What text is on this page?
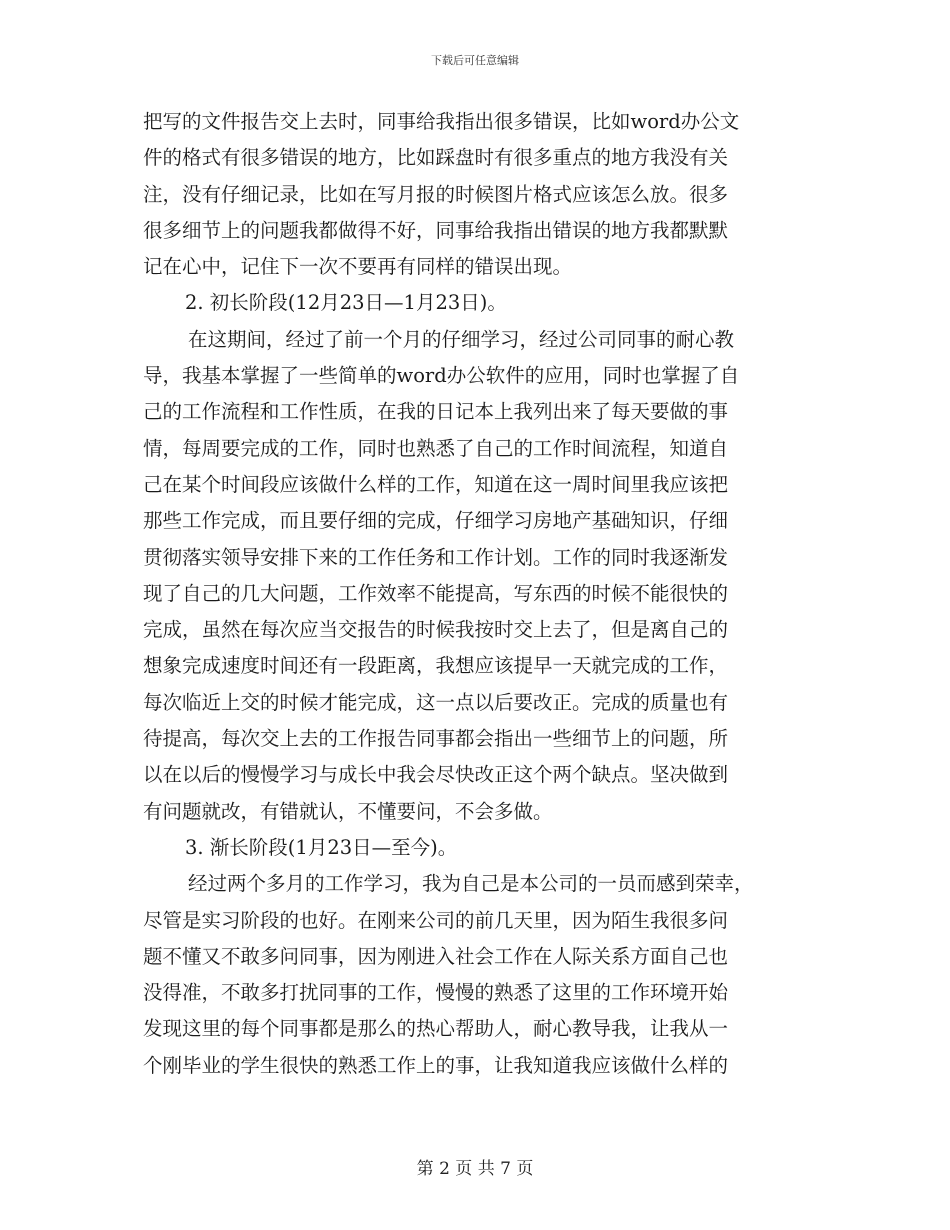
下载后可任意编辑
把写的文件报告交上去时，同事给我指出很多错误，比如word办公文
件的格式有很多错误的地方，比如踩盘时有很多重点的地方我没有关
注，没有仔细记录，比如在写月报的时候图片格式应该怎么放。很多
很多细节上的问题我都做得不好，同事给我指出错误的地方我都默默
记在心中，记住下一次不要再有同样的错误出现。
2. 初长阶段(12月23日—1月23日)。
在这期间，经过了前一个月的仔细学习，经过公司同事的耐心教
导，我基本掌握了一些简单的word办公软件的应用，同时也掌握了自
己的工作流程和工作性质，在我的日记本上我列出来了每天要做的事
情，每周要完成的工作，同时也熟悉了自己的工作时间流程，知道自
己在某个时间段应该做什么样的工作，知道在这一周时间里我应该把
那些工作完成，而且要仔细的完成，仔细学习房地产基础知识，仔细
贯彻落实领导安排下来的工作任务和工作计划。工作的同时我逐渐发
现了自己的几大问题，工作效率不能提高，写东西的时候不能很快的
完成，虽然在每次应当交报告的时候我按时交上去了，但是离自己的
想象完成速度时间还有一段距离，我想应该提早一天就完成的工作，
每次临近上交的时候才能完成，这一点以后要改正。完成的质量也有
待提高，每次交上去的工作报告同事都会指出一些细节上的问题，所
以在以后的慢慢学习与成长中我会尽快改正这个两个缺点。坚决做到
有问题就改，有错就认，不懂要问，不会多做。
3. 渐长阶段(1月23日—至今)。
经过两个多月的工作学习，我为自己是本公司的一员而感到荣幸，
尽管是实习阶段的也好。在刚来公司的前几天里，因为陌生我很多问
题不懂又不敢多问同事，因为刚进入社会工作在人际关系方面自己也
没得准，不敢多打扰同事的工作，慢慢的熟悉了这里的工作环境开始
发现这里的每个同事都是那么的热心帮助人，耐心教导我，让我从一
个刚毕业的学生很快的熟悉工作上的事，让我知道我应该做什么样的
第 2 页 共 7 页
